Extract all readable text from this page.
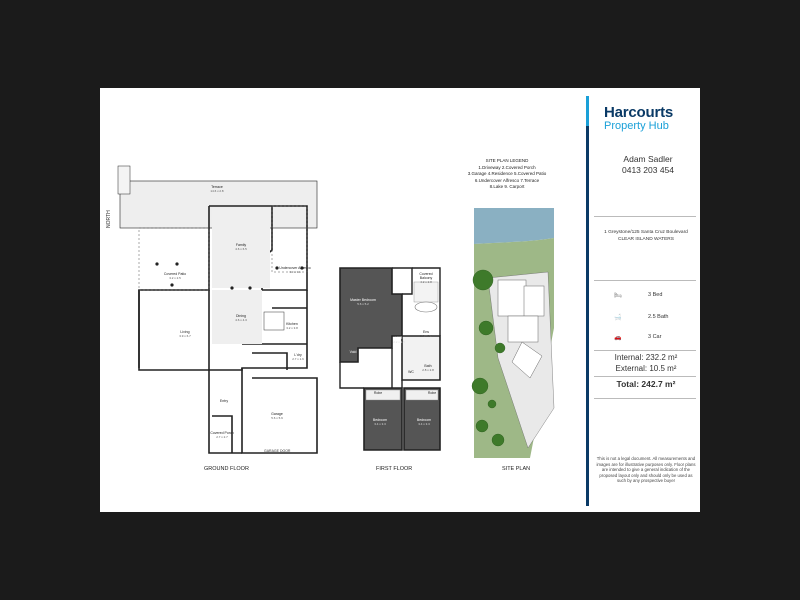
Terrace
14.6 x 2.8
Family
4.6 x 6.5
Covered Patio
3.2 x 2.5
Undercover Alfresco
3.3 x 3.1
Living
3.9 x 6.7
Dining
4.6 x 4.3
Kitchen
3.2 x 3.8
L'dry
2.7 x 1.6
Entry
Garage
5.6 x 5.9
Covered Porch
2.7 x 2.7
GARAGE DOOR
NORTH
GROUND FLOOR
Master Bedroom
5.6 x 5.2
Covered Balcony
4.2 x 2.8
WIR
2.2 x 1.5
Ens
2.9 x 3.4
Void
Bath
2.8 x 2.8
WC
Robe	Robe
Bedroom
3.4 x 3.3
Bedroom
3.4 x 3.3
FIRST FLOOR
SITE PLAN LEGEND
1.Driveway 2.Covered Porch
3.Garage 4.Residence 5.Covered Patio
6.Undercover Alfresco 7.Terrace
8.Lake 9. Carport
SITE PLAN
Harcourts
Property Hub
Adam Sadler
0413 203 454
1 Greystone/125 Santa Cruz Boulevard
CLEAR ISLAND WATERS
🛏	3 Bed
🛁	2.5 Bath
🚗	3 Car
Internal: 232.2 m²
External: 10.5 m²
Total: 242.7 m²
This is not a legal document. All measurements and images are for illustrative purposes only. Floor plans are intended to give a general indication of the proposed layout only and should only be used as such by any prospective buyer
